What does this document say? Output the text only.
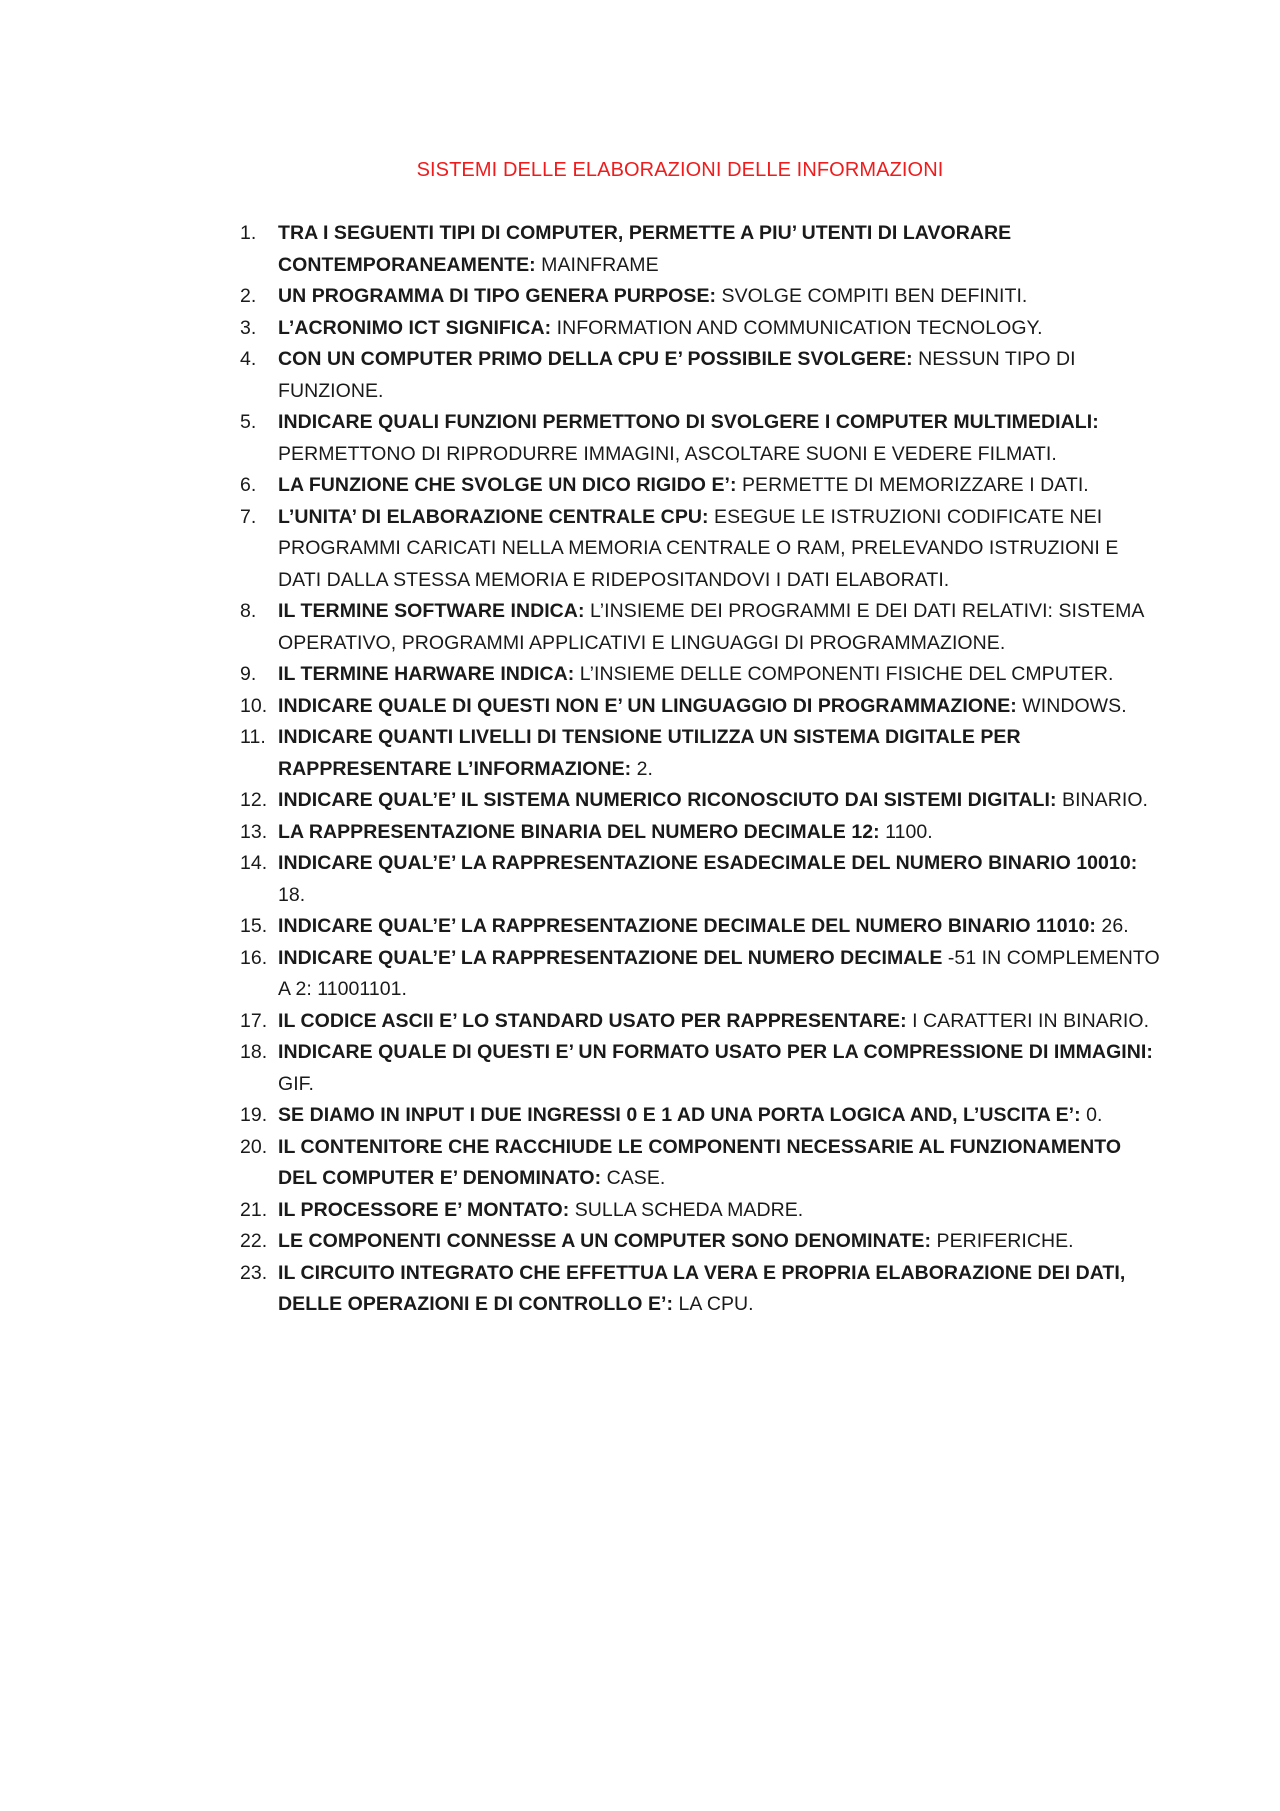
SISTEMI DELLE ELABORAZIONI DELLE INFORMAZIONI
1.	TRA I SEGUENTI TIPI DI COMPUTER, PERMETTE A PIU’ UTENTI DI LAVORARE CONTEMPORANEAMENTE: MAINFRAME
2.	UN PROGRAMMA DI TIPO GENERA PURPOSE: SVOLGE COMPITI BEN DEFINITI.
3.	L’ACRONIMO ICT SIGNIFICA: INFORMATION AND COMMUNICATION TECNOLOGY.
4.	CON UN COMPUTER PRIMO DELLA CPU E’ POSSIBILE SVOLGERE: NESSUN TIPO DI FUNZIONE.
5.	INDICARE QUALI FUNZIONI PERMETTONO DI SVOLGERE I COMPUTER MULTIMEDIALI: PERMETTONO DI RIPRODURRE IMMAGINI, ASCOLTARE SUONI E VEDERE FILMATI.
6.	LA FUNZIONE CHE SVOLGE UN DICO RIGIDO E’: PERMETTE DI MEMORIZZARE I DATI.
7.	L’UNITA’ DI ELABORAZIONE CENTRALE CPU: ESEGUE LE ISTRUZIONI CODIFICATE NEI PROGRAMMI CARICATI NELLA MEMORIA CENTRALE O RAM, PRELEVANDO ISTRUZIONI E DATI DALLA STESSA MEMORIA E RIDEPOSITANDOVI I DATI ELABORATI.
8.	IL TERMINE SOFTWARE INDICA: L’INSIEME DEI PROGRAMMI E DEI DATI RELATIVI: SISTEMA OPERATIVO, PROGRAMMI APPLICATIVI E LINGUAGGI DI PROGRAMMAZIONE.
9.	IL TERMINE HARWARE INDICA: L’INSIEME DELLE COMPONENTI FISICHE DEL CMPUTER.
10. INDICARE QUALE DI QUESTI NON E’ UN LINGUAGGIO DI PROGRAMMAZIONE: WINDOWS.
11. INDICARE QUANTI LIVELLI DI TENSIONE UTILIZZA UN SISTEMA DIGITALE PER RAPPRESENTARE L’INFORMAZIONE: 2.
12. INDICARE QUAL’E’ IL SISTEMA NUMERICO RICONOSCIUTO DAI SISTEMI DIGITALI: BINARIO.
13. LA RAPPRESENTAZIONE BINARIA DEL NUMERO DECIMALE 12: 1100.
14. INDICARE QUAL’E’ LA RAPPRESENTAZIONE ESADECIMALE DEL NUMERO BINARIO 10010: 18.
15. INDICARE QUAL’E’ LA RAPPRESENTAZIONE DECIMALE DEL NUMERO BINARIO 11010: 26.
16. INDICARE QUAL’E’ LA RAPPRESENTAZIONE DEL NUMERO DECIMALE -51 IN COMPLEMENTO A 2: 11001101.
17. IL CODICE ASCII E’ LO STANDARD USATO PER RAPPRESENTARE: I CARATTERI IN BINARIO.
18. INDICARE QUALE DI QUESTI E’ UN FORMATO USATO PER LA COMPRESSIONE DI IMMAGINI: GIF.
19. SE DIAMO IN INPUT I DUE INGRESSI 0 E 1 AD UNA PORTA LOGICA AND, L’USCITA E’: 0.
20. IL CONTENITORE CHE RACCHIUDE LE COMPONENTI NECESSARIE AL FUNZIONAMENTO DEL COMPUTER E’ DENOMINATO: CASE.
21. IL PROCESSORE E’ MONTATO: SULLA SCHEDA MADRE.
22. LE COMPONENTI CONNESSE A UN COMPUTER SONO DENOMINATE: PERIFERICHE.
23. IL CIRCUITO INTEGRATO CHE EFFETTUA LA VERA E PROPRIA ELABORAZIONE DEI DATI, DELLE OPERAZIONI E DI CONTROLLO E’: LA CPU.
